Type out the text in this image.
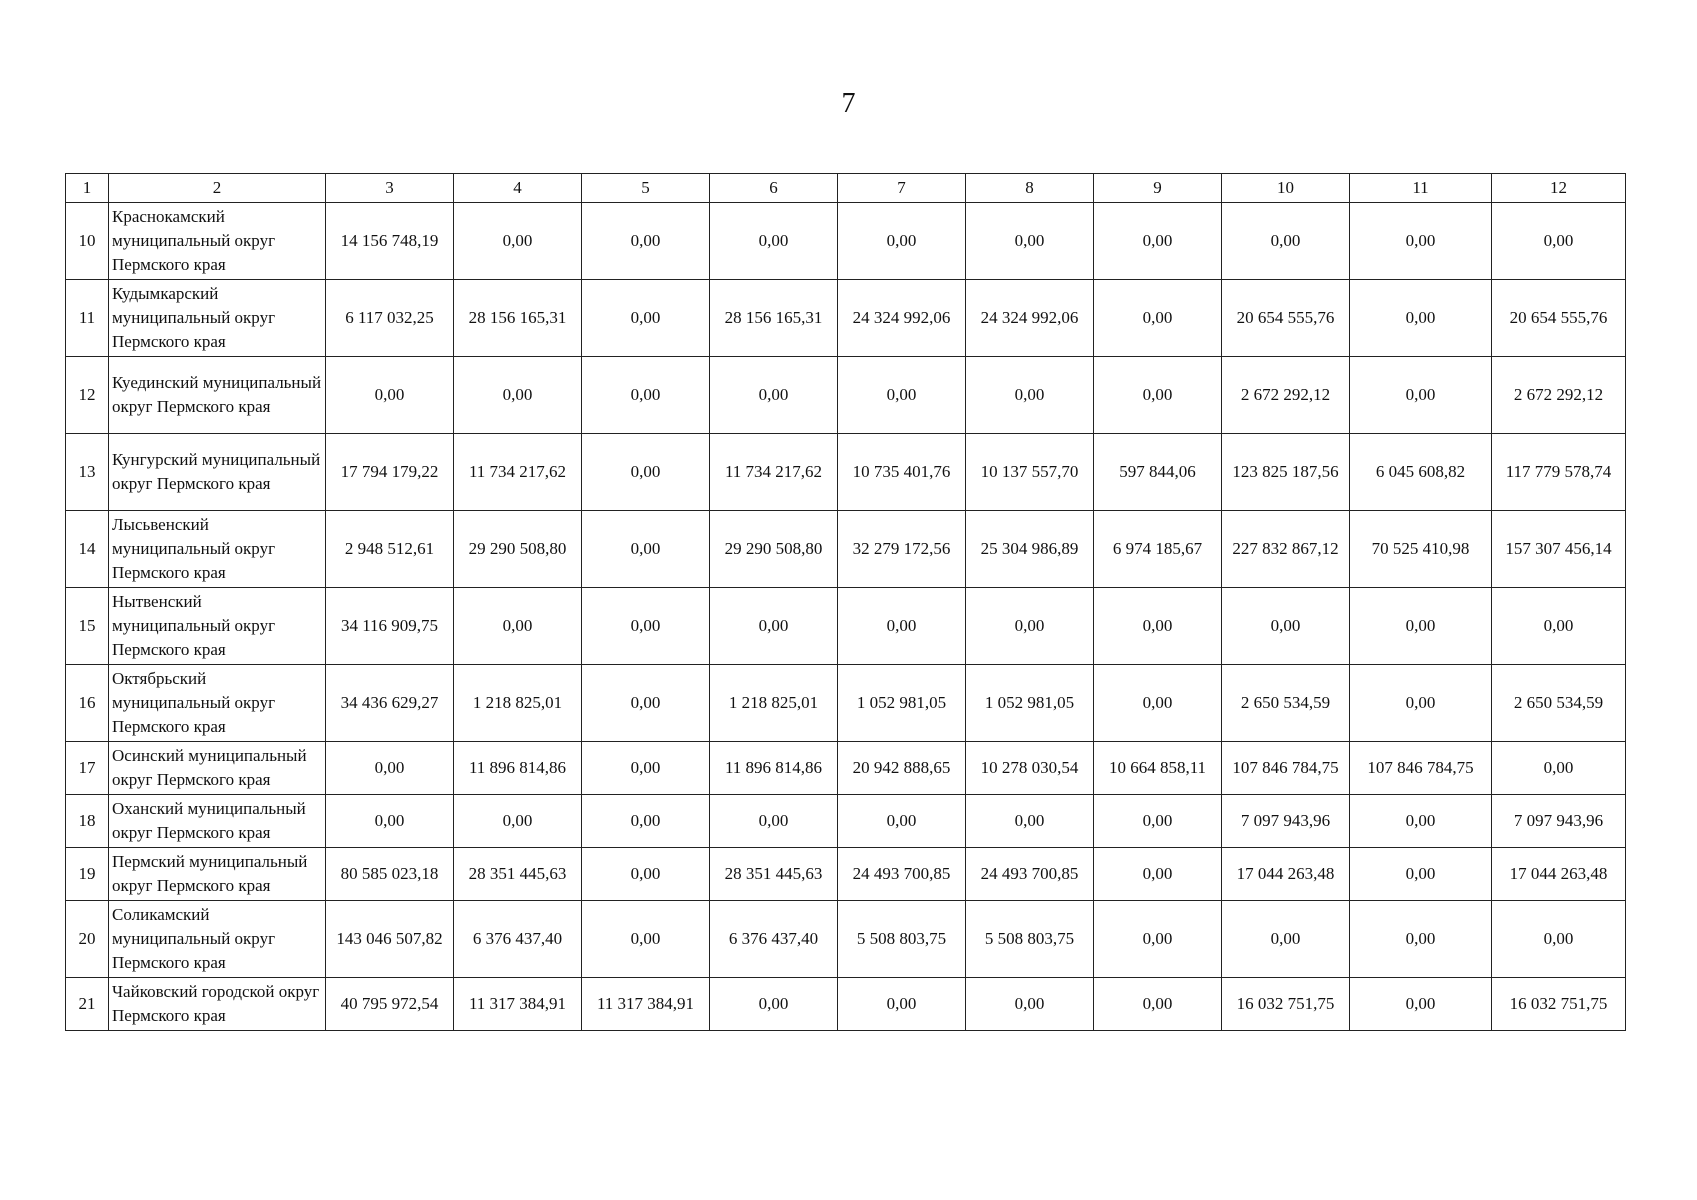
7
1	2	3	4	5	6	7	8	9	10	11	12
10	Краснокамский муниципальный округ Пермского края	14 156 748,19	0,00	0,00	0,00	0,00	0,00	0,00	0,00	0,00	0,00
11	Кудымкарский муниципальный округ Пермского края	6 117 032,25	28 156 165,31	0,00	28 156 165,31	24 324 992,06	24 324 992,06	0,00	20 654 555,76	0,00	20 654 555,76
12	Куединский муниципальный округ Пермского края	0,00	0,00	0,00	0,00	0,00	0,00	0,00	2 672 292,12	0,00	2 672 292,12
13	Кунгурский муниципальный округ Пермского края	17 794 179,22	11 734 217,62	0,00	11 734 217,62	10 735 401,76	10 137 557,70	597 844,06	123 825 187,56	6 045 608,82	117 779 578,74
14	Лысьвенский муниципальный округ Пермского края	2 948 512,61	29 290 508,80	0,00	29 290 508,80	32 279 172,56	25 304 986,89	6 974 185,67	227 832 867,12	70 525 410,98	157 307 456,14
15	Нытвенский муниципальный округ Пермского края	34 116 909,75	0,00	0,00	0,00	0,00	0,00	0,00	0,00	0,00	0,00
16	Октябрьский муниципальный округ Пермского края	34 436 629,27	1 218 825,01	0,00	1 218 825,01	1 052 981,05	1 052 981,05	0,00	2 650 534,59	0,00	2 650 534,59
17	Осинский муниципальный округ Пермского края	0,00	11 896 814,86	0,00	11 896 814,86	20 942 888,65	10 278 030,54	10 664 858,11	107 846 784,75	107 846 784,75	0,00
18	Оханский муниципальный округ Пермского края	0,00	0,00	0,00	0,00	0,00	0,00	0,00	7 097 943,96	0,00	7 097 943,96
19	Пермский муниципальный округ Пермского края	80 585 023,18	28 351 445,63	0,00	28 351 445,63	24 493 700,85	24 493 700,85	0,00	17 044 263,48	0,00	17 044 263,48
20	Соликамский муниципальный округ Пермского края	143 046 507,82	6 376 437,40	0,00	6 376 437,40	5 508 803,75	5 508 803,75	0,00	0,00	0,00	0,00
21	Чайковский городской округ Пермского края	40 795 972,54	11 317 384,91	11 317 384,91	0,00	0,00	0,00	0,00	16 032 751,75	0,00	16 032 751,75
